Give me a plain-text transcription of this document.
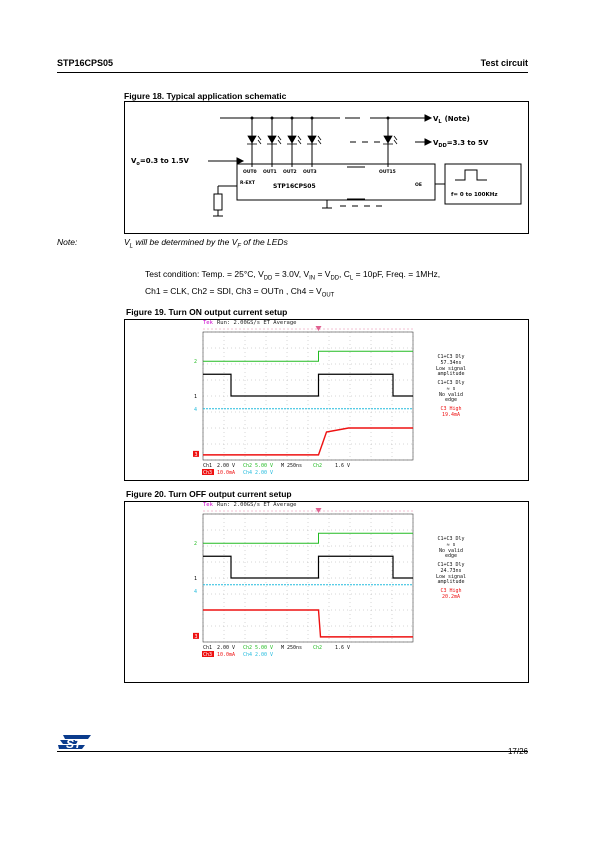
STP16CPS05	Test circuit
Figure 18. Typical application schematic
$V_L$ (Note)
$V_{DD}=3.3$ to 5V
$V_o=0.3$ to 1.5V
OUT0 OUT1 OUT2 OUT3	OUT15
R-EXT	STP16CPS05	OE
f= 0 to 100KHz
Note:	$V_L$ will be determined by the $V_F$ of the LEDs
Test condition: Temp. = 25°C, $V_{DD} = 3.0V$, $V_{IN} = V_{DD}$, $C_L = 10pF$, Freq. = 1MHz,
Ch1 = CLK, Ch2 = SDI, Ch3 = OUTn , $Ch4 = V_{OUT}$
Figure 19. Turn ON output current setup
2
1
4
3
Tek Run: 2.00GS/s ET Average
C1+C3 Dly
57.34ns
Low signal
amplitude
C1+C3 Dly
≈ s
No valid
edge
C3 High
19.4mA
Ch1 2.00 V Ch2 5.00 V M 250ns Ch2	1.6 V
Ch3 10.0mA Ch4 2.00 V
Figure 20. Turn OFF output current setup
2
1
4
3
Tek Run: 2.00GS/s ET Average
C1+C3 Dly
≈ s
No valid
edge
C1+C3 Dly
24.73ns
Low signal
amplitude
C3 High
20.2mA
Ch1 2.00 V Ch2 5.00 V M 250ns Ch2	1.6 V
Ch3 10.0mA Ch4 2.00 V
ST
17/26
